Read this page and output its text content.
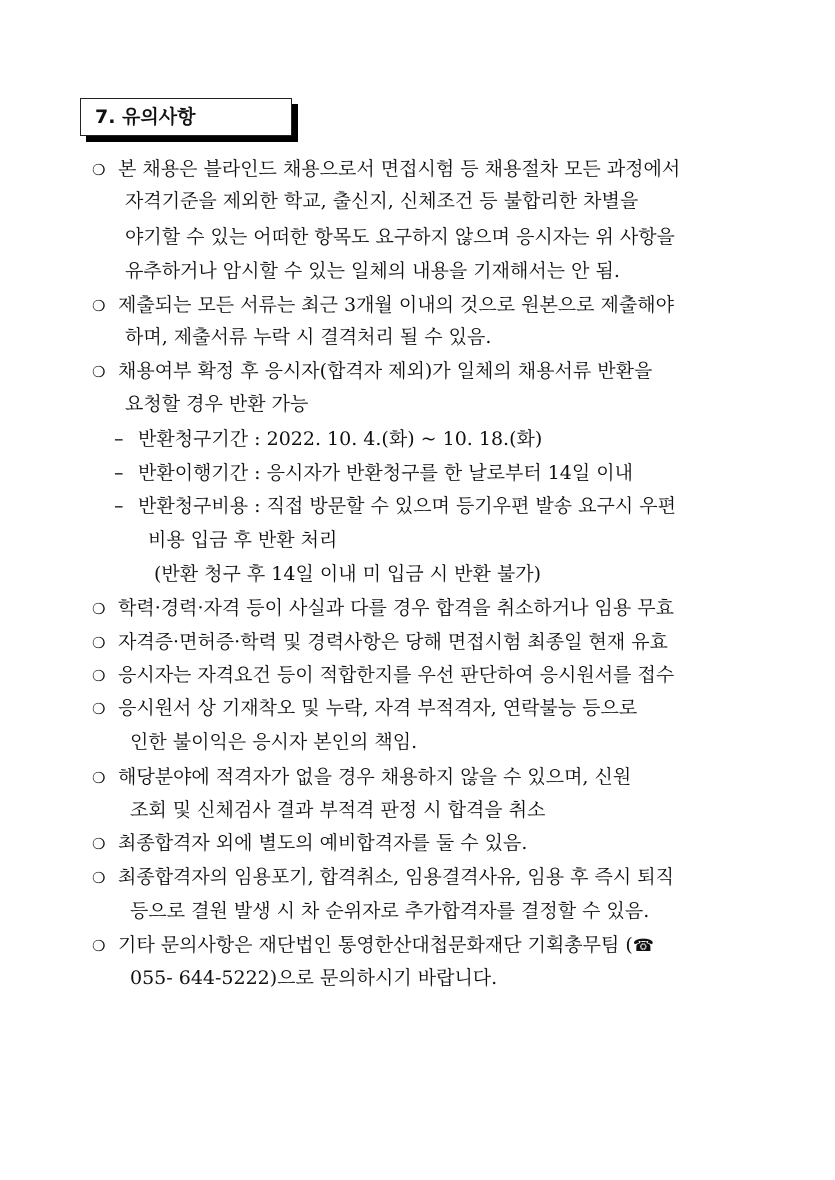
7. 유의사항
❍ 본 채용은 블라인드 채용으로서 면접시험 등 채용절차 모든 과정에서
자격기준을 제외한 학교, 출신지, 신체조건 등 불합리한 차별을
야기할 수 있는 어떠한 항목도 요구하지 않으며 응시자는 위 사항을
유추하거나 암시할 수 있는 일체의 내용을 기재해서는 안 됨.
❍ 제출되는 모든 서류는 최근 3개월 이내의 것으로 원본으로 제출해야
하며, 제출서류 누락 시 결격처리 될 수 있음.
❍ 채용여부 확정 후 응시자(합격자 제외)가 일체의 채용서류 반환을
요청할 경우 반환 가능
– 반환청구기간 : 2022. 10. 4.(화) ~ 10. 18.(화)
– 반환이행기간 : 응시자가 반환청구를 한 날로부터 14일 이내
– 반환청구비용 : 직접 방문할 수 있으며 등기우편 발송 요구시 우편
비용 입금 후 반환 처리
(반환 청구 후 14일 이내 미 입금 시 반환 불가)
❍ 학력·경력·자격 등이 사실과 다를 경우 합격을 취소하거나 임용 무효
❍ 자격증·면허증·학력 및 경력사항은 당해 면접시험 최종일 현재 유효
❍ 응시자는 자격요건 등이 적합한지를 우선 판단하여 응시원서를 접수
❍ 응시원서 상 기재착오 및 누락, 자격 부적격자, 연락불능 등으로
인한 불이익은 응시자 본인의 책임.
❍ 해당분야에 적격자가 없을 경우 채용하지 않을 수 있으며, 신원
조회 및 신체검사 결과 부적격 판정 시 합격을 취소
❍ 최종합격자 외에 별도의 예비합격자를 둘 수 있음.
❍ 최종합격자의 임용포기, 합격취소, 임용결격사유, 임용 후 즉시 퇴직
등으로 결원 발생 시 차 순위자로 추가합격자를 결정할 수 있음.
❍ 기타 문의사항은 재단법인 통영한산대첩문화재단 기획총무팀 (☎
055- 644-5222)으로 문의하시기 바랍니다.
